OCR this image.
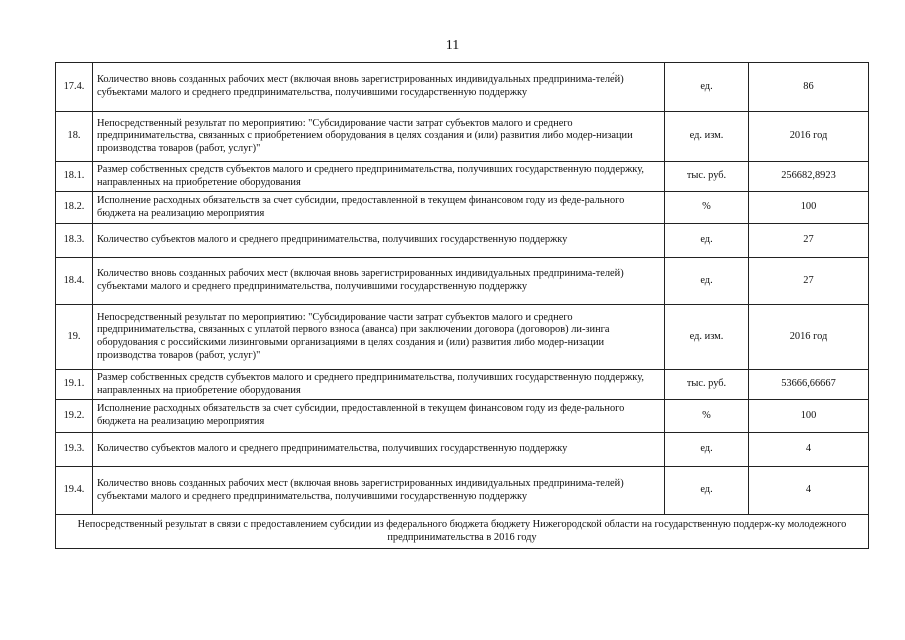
11
17.4.	Количество вновь созданных рабочих мест (включая вновь зарегистрированных индивидуальных предпринима-теле́й) субъектами малого и среднего предпринимательства, получившими государственную поддержку	ед.	86
18.	Непосредственный результат по мероприятию: "Субсидирование части затрат субъектов малого и среднего предпринимательства, связанных с приобретением оборудования в целях создания и (или) развития либо модер-низации производства товаров (работ, услуг)"	ед. изм.	2016 год
18.1.	Размер собственных средств субъектов малого и среднего предпринимательства, получивших государственную поддержку, направленных на приобретение оборудования	тыс. руб.	256682,8923
18.2.	Исполнение расходных обязательств за счет субсидии, предоставленной в текущем финансовом году из феде-рального бюджета на реализацию мероприятия	%	100
18.3.	Количество субъектов малого и среднего предпринимательства, получивших государственную поддержку	ед.	27
18.4.	Количество вновь созданных рабочих мест (включая вновь зарегистрированных индивидуальных предпринима-телей) субъектами малого и среднего предпринимательства, получившими государственную поддержку	ед.	27
19.	Непосредственный результат по мероприятию: "Субсидирование части затрат субъектов малого и среднего предпринимательства, связанных с уплатой первого взноса (аванса) при заключении договора (договоров) ли-зинга оборудования с российскими лизинговыми организациями в целях создания и (или) развития либо модер-низации производства товаров (работ, услуг)"	ед. изм.	2016 год
19.1.	Размер собственных средств субъектов малого и среднего предпринимательства, получивших государственную поддержку, направленных на приобретение оборудования	тыс. руб.	53666,66667
19.2.	Исполнение расходных обязательств за счет субсидии, предоставленной в текущем финансовом году из феде-рального бюджета на реализацию мероприятия	%	100
19.3.	Количество субъектов малого и среднего предпринимательства, получивших государственную поддержку	ед.	4
19.4.	Количество вновь созданных рабочих мест (включая вновь зарегистрированных индивидуальных предпринима-телей) субъектами малого и среднего предпринимательства, получившими государственную поддержку	ед.	4
Непосредственный результат в связи с предоставлением субсидии из федерального бюджета бюджету Нижегородской области на государственную поддерж-ку молодежного предпринимательства в 2016 году			
